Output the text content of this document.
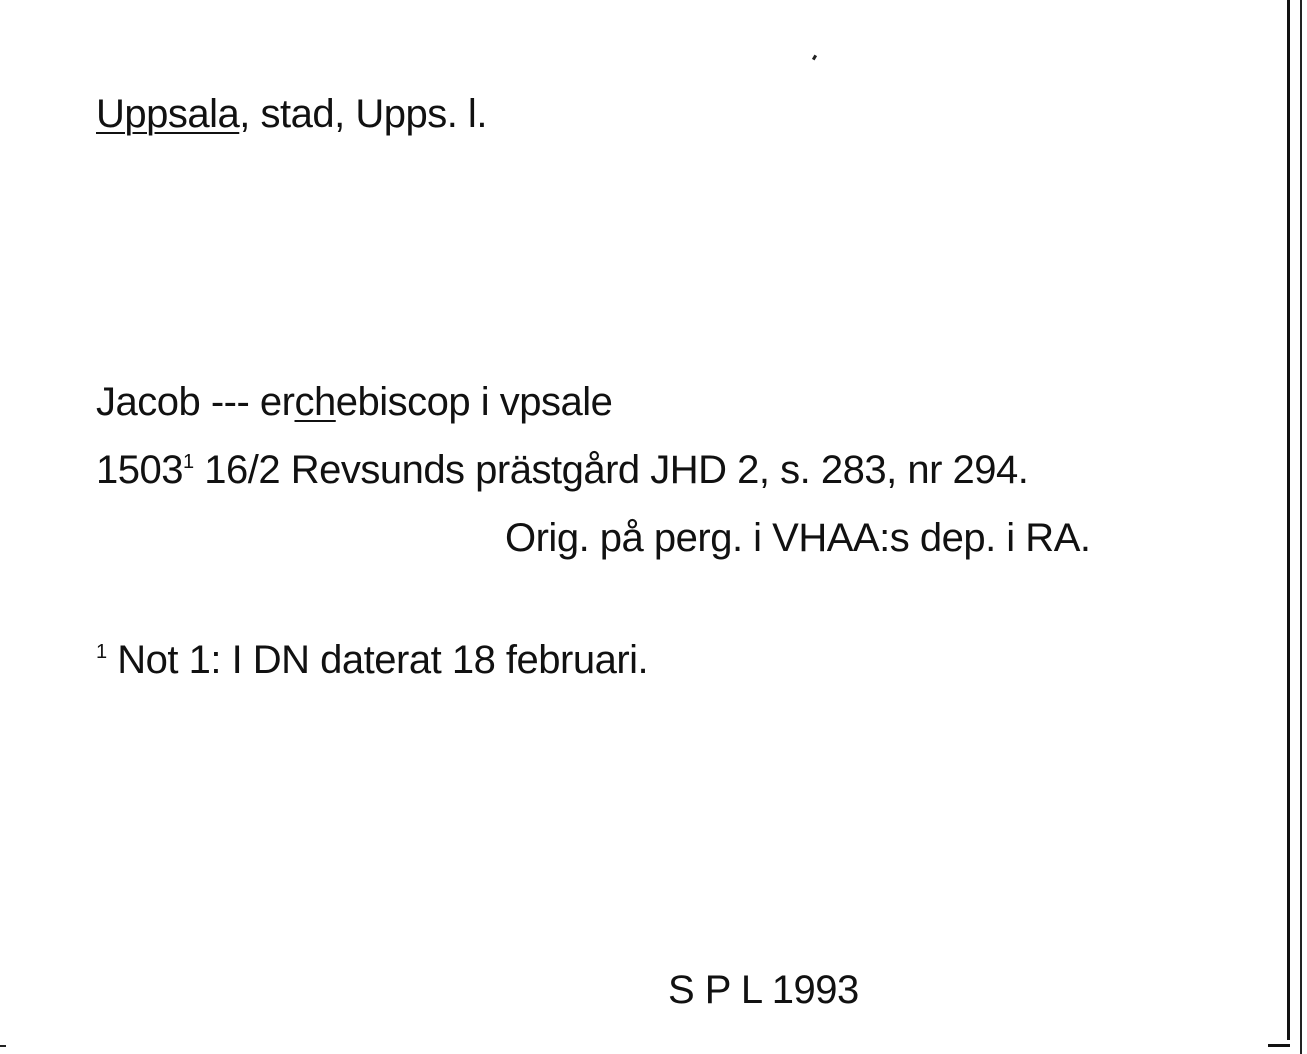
Uppsala, stad, Upps. l.
Jacob --- erchebiscop i vpsale
1503$^1$ 16/2 Revsunds prästgård JHD 2, s. 283, nr 294.
Orig. på perg. i VHAA:s dep. i RA.
$^1$ Not 1: I DN daterat 18 februari.
S P L 1993
